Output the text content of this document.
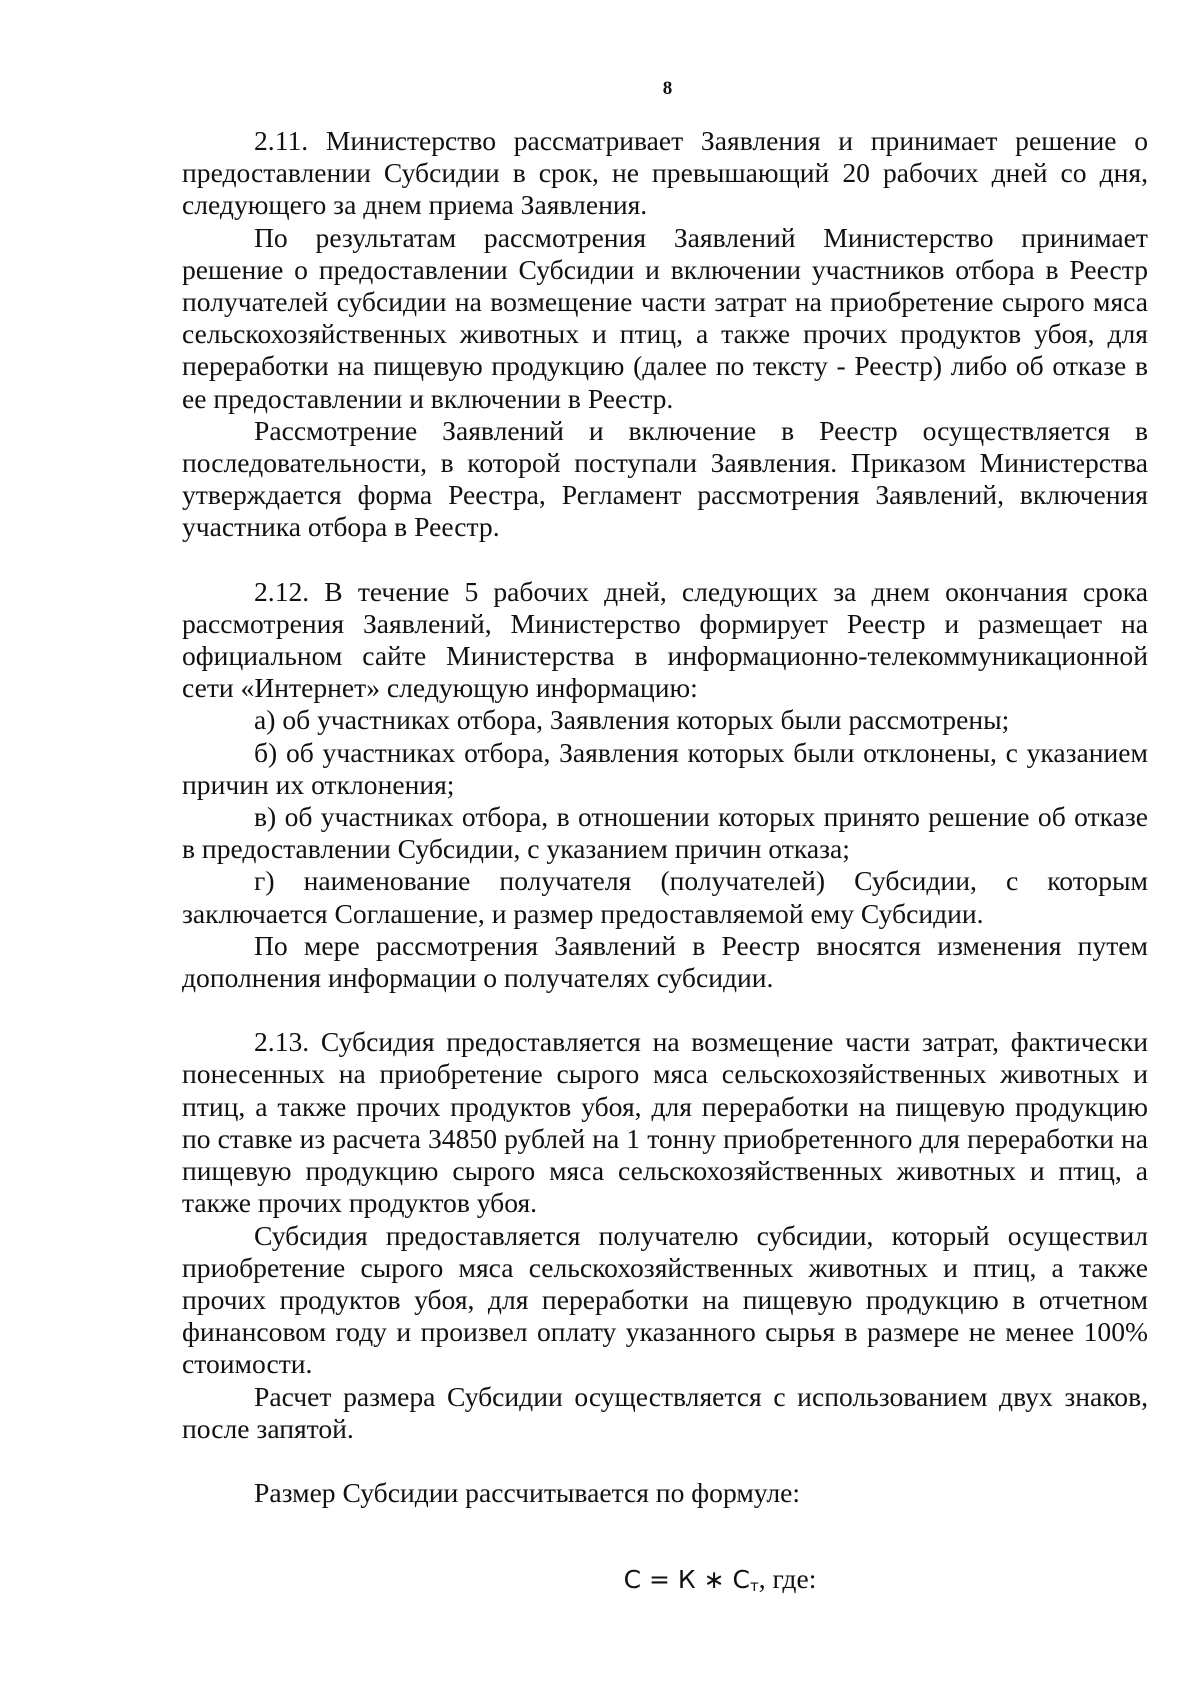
8

2.11. Министерство рассматривает Заявления и принимает решение о предоставлении Субсидии в срок, не превышающий 20 рабочих дней со дня, следующего за днем приема Заявления.

По результатам рассмотрения Заявлений Министерство принимает решение о предоставлении Субсидии и включении участников отбора в Реестр получателей субсидии на возмещение части затрат на приобретение сырого мяса сельскохозяйственных животных и птиц, а также прочих продуктов убоя, для переработки на пищевую продукцию (далее по тексту - Реестр) либо об отказе в ее предоставлении и включении в Реестр.

Рассмотрение Заявлений и включение в Реестр осуществляется в последовательности, в которой поступали Заявления. Приказом Министерства утверждается форма Реестра, Регламент рассмотрения Заявлений, включения участника отбора в Реестр.

2.12. В течение 5 рабочих дней, следующих за днем окончания срока рассмотрения Заявлений, Министерство формирует Реестр и размещает на официальном сайте Министерства в информационно-телекоммуникационной сети «Интернет» следующую информацию:

а) об участниках отбора, Заявления которых были рассмотрены;

б) об участниках отбора, Заявления которых были отклонены, с указанием причин их отклонения;

в) об участниках отбора, в отношении которых принято решение об отказе в предоставлении Субсидии, с указанием причин отказа;

г) наименование получателя (получателей) Субсидии, с которым заключается Соглашение, и размер предоставляемой ему Субсидии.

По мере рассмотрения Заявлений в Реестр вносятся изменения путем дополнения информации о получателях субсидии.

2.13. Субсидия предоставляется на возмещение части затрат, фактически понесенных на приобретение сырого мяса сельскохозяйственных животных и птиц, а также прочих продуктов убоя, для переработки на пищевую продукцию по ставке из расчета 34850 рублей на 1 тонну приобретенного для переработки на пищевую продукцию сырого мяса сельскохозяйственных животных и птиц, а также прочих продуктов убоя.

Субсидия предоставляется получателю субсидии, который осуществил приобретение сырого мяса сельскохозяйственных животных и птиц, а также прочих продуктов убоя, для переработки на пищевую продукцию в отчетном финансовом году и произвел оплату указанного сырья в размере не менее 100% стоимости.

Расчет размера Субсидии осуществляется с использованием двух знаков, после запятой.

Размер Субсидии рассчитывается по формуле:

С = К ∗ $С_т$, где:
